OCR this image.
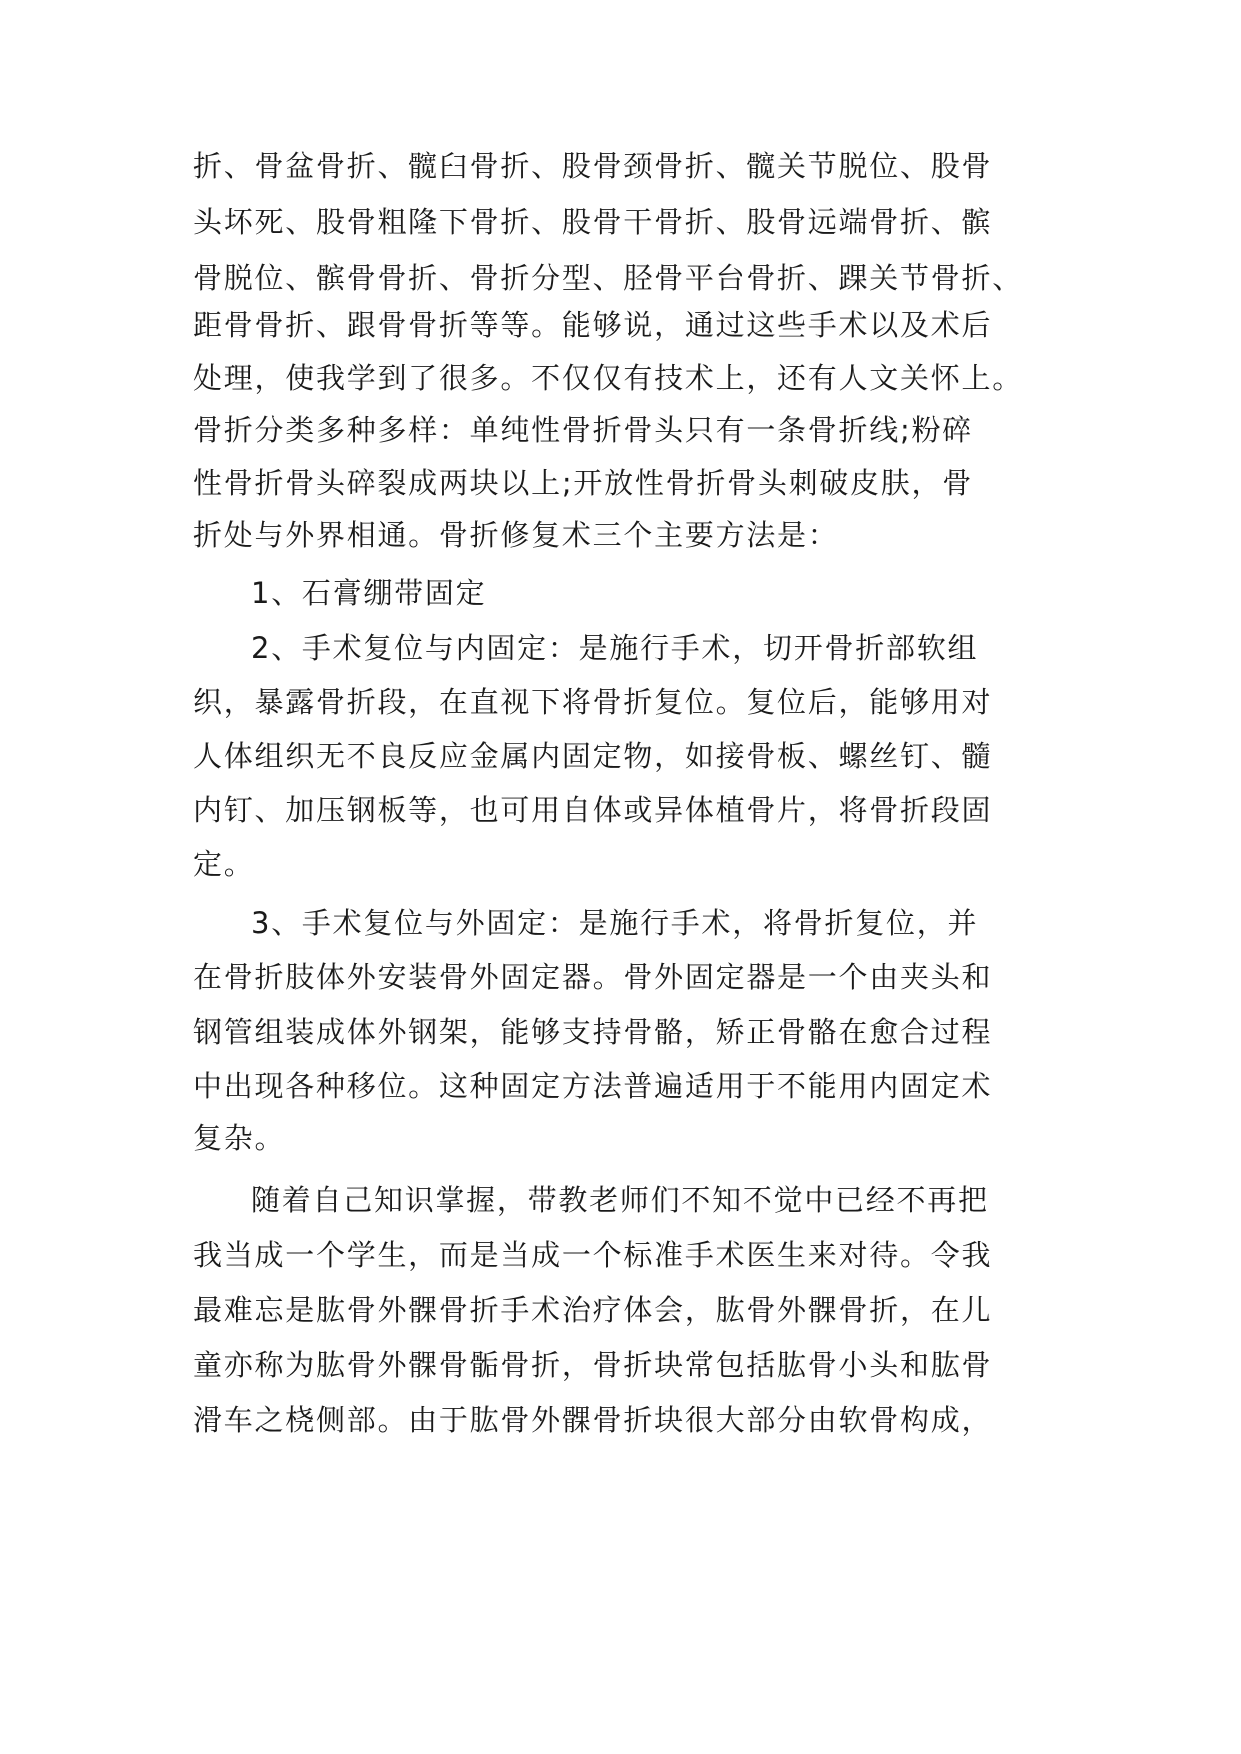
折、骨盆骨折、髋臼骨折、股骨颈骨折、髋关节脱位、股骨
头坏死、股骨粗隆下骨折、股骨干骨折、股骨远端骨折、髌
骨脱位、髌骨骨折、骨折分型、胫骨平台骨折、踝关节骨折、
距骨骨折、跟骨骨折等等。能够说，通过这些手术以及术后
处理，使我学到了很多。不仅仅有技术上，还有人文关怀上。
骨折分类多种多样：单纯性骨折骨头只有一条骨折线;粉碎
性骨折骨头碎裂成两块以上;开放性骨折骨头刺破皮肤，骨
折处与外界相通。骨折修复术三个主要方法是：
1、石膏绷带固定
2、手术复位与内固定：是施行手术，切开骨折部软组
织，暴露骨折段，在直视下将骨折复位。复位后，能够用对
人体组织无不良反应金属内固定物，如接骨板、螺丝钉、髓
内钉、加压钢板等，也可用自体或异体植骨片，将骨折段固
定。
3、手术复位与外固定：是施行手术，将骨折复位，并
在骨折肢体外安装骨外固定器。骨外固定器是一个由夹头和
钢管组装成体外钢架，能够支持骨骼，矫正骨骼在愈合过程
中出现各种移位。这种固定方法普遍适用于不能用内固定术
复杂。
随着自己知识掌握，带教老师们不知不觉中已经不再把
我当成一个学生，而是当成一个标准手术医生来对待。令我
最难忘是肱骨外髁骨折手术治疗体会，肱骨外髁骨折，在儿
童亦称为肱骨外髁骨骺骨折，骨折块常包括肱骨小头和肱骨
滑车之桡侧部。由于肱骨外髁骨折块很大部分由软骨构成，
